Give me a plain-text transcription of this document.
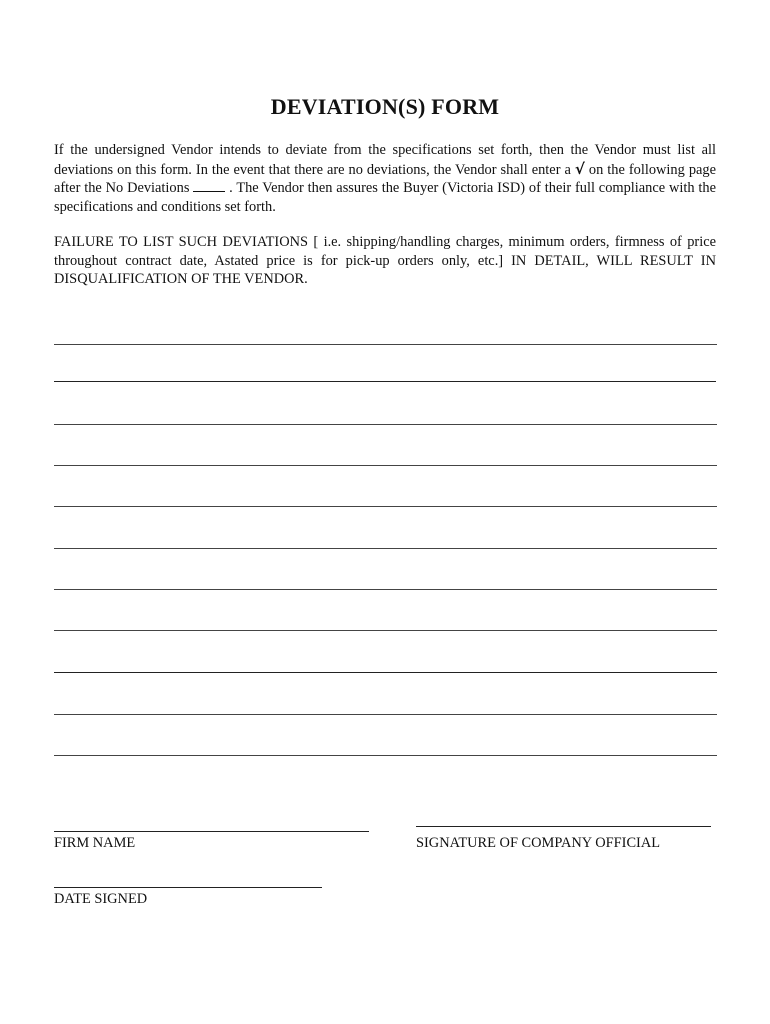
DEVIATION(S) FORM
If the undersigned Vendor intends to deviate from the specifications set forth, then the Vendor must list all deviations on this form. In the event that there are no deviations, the Vendor shall enter a √ on the following page after the No Deviations  . The Vendor then assures the Buyer (Victoria ISD) of their full compliance with the specifications and conditions set forth.
FAILURE TO LIST SUCH DEVIATIONS [ i.e. shipping/handling charges, minimum orders, firmness of price throughout contract date, Astated price is for pick-up orders only, etc.] IN DETAIL, WILL RESULT IN DISQUALIFICATION OF THE VENDOR.
FIRM NAME	SIGNATURE OF COMPANY OFFICIAL
DATE SIGNED
